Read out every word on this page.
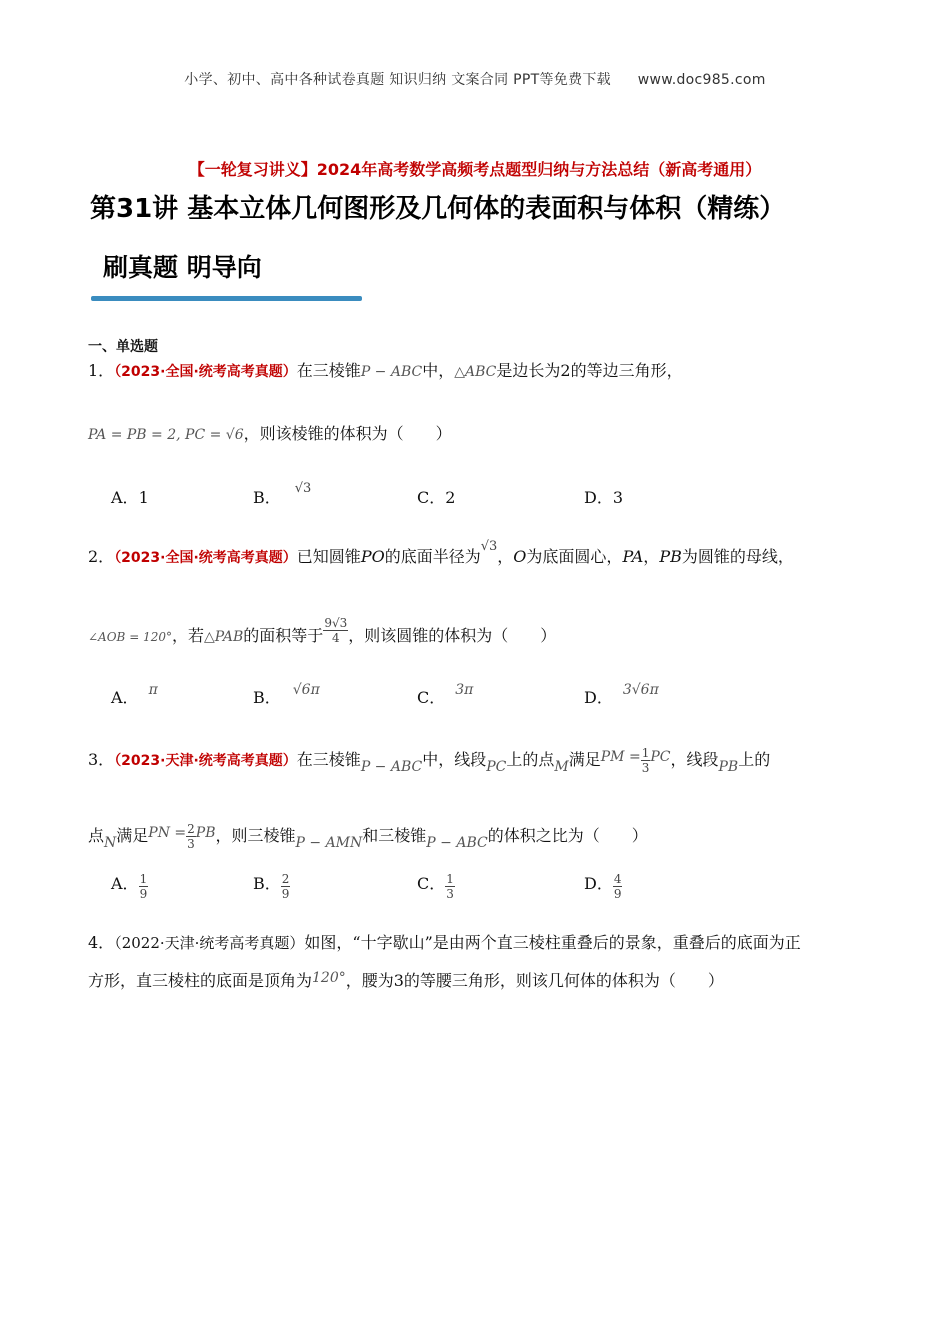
小学、初中、高中各种试卷真题 知识归纳 文案合同 PPT等免费下载 www.doc985.com
【一轮复习讲义】2024年高考数学高频考点题型归纳与方法总结（新高考通用）
第31讲 基本立体几何图形及几何体的表面积与体积（精练）
刷真题 明导向
一、单选题
1．（2023·全国·统考高考真题）在三棱锥P − ABC中，△ABC是边长为2的等边三角形，
PA = PB = 2, PC = √6，则该棱锥的体积为（　　）
A．1	B． √3	C．2	D．3
2．（2023·全国·统考高考真题）已知圆锥PO的底面半径为$^{√3}$，O为底面圆心，PA，PB为圆锥的母线，
∠AOB = 120°，若△PAB的面积等于 $\frac{9√3}{4}$ ，则该圆锥的体积为（　　）
A． π	B． √6π	C． 3π	D． 3√6π
3．（2023·天津·统考高考真题）在三棱锥P − ABC中，线段PC上的点M满足PM = $\frac{1}{3}$ PC，线段PB上的
点N满足PN = $\frac{2}{3}$ PB，则三棱锥P − AMN和三棱锥P − ABC的体积之比为（　　）
A． $\frac{1}{9}$	B． $\frac{2}{9}$	C． $\frac{1}{3}$	D． $\frac{4}{9}$
4．（2022·天津·统考高考真题）如图，“十字歇山”是由两个直三棱柱重叠后的景象，重叠后的底面为正
方形，直三棱柱的底面是顶角为120°，腰为3的等腰三角形，则该几何体的体积为（　　）
